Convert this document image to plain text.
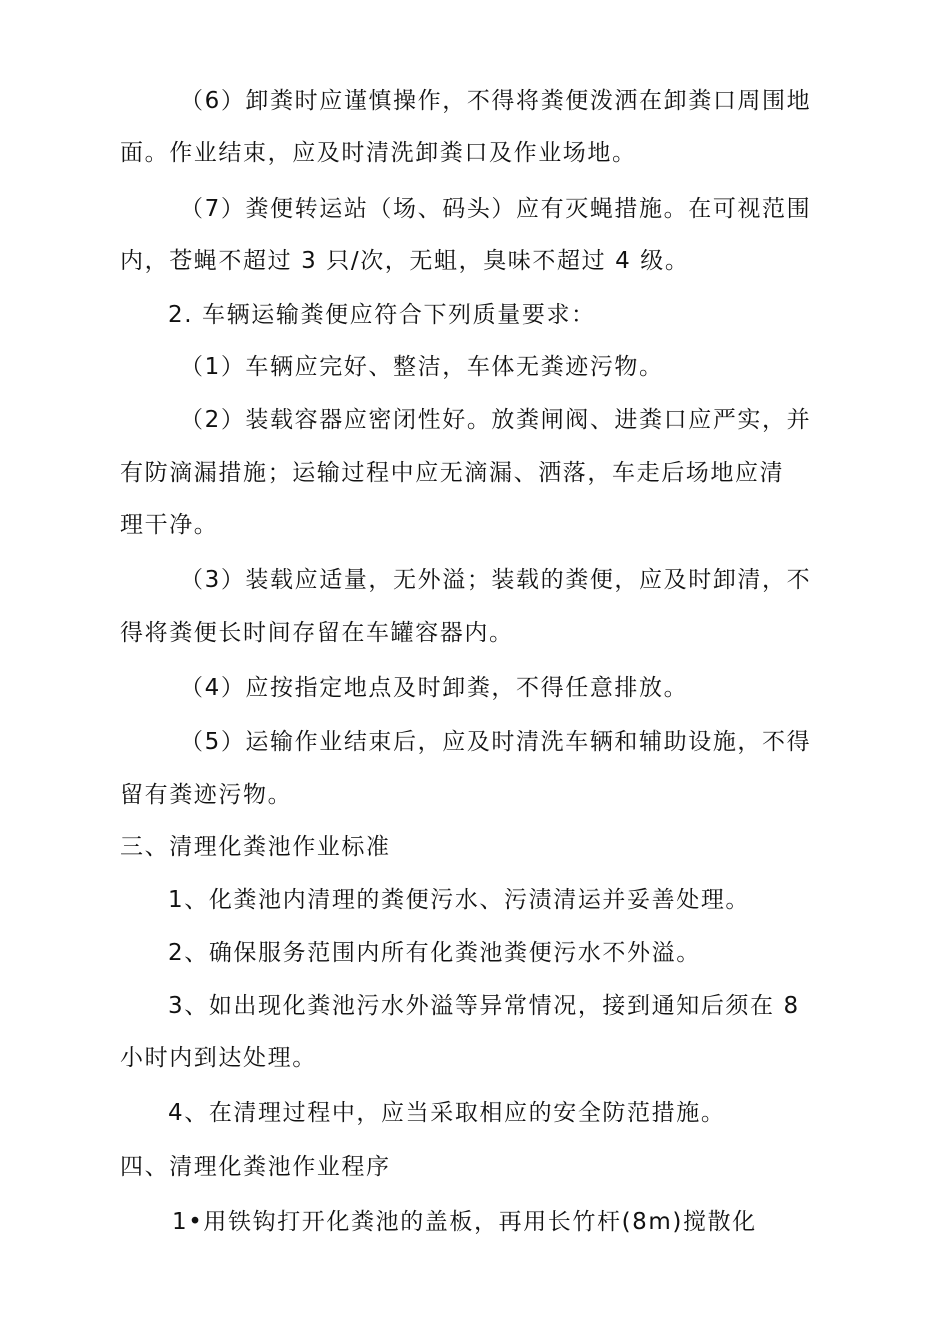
（6）卸粪时应谨慎操作，不得将粪便泼洒在卸粪口周围地
面。作业结束，应及时清洗卸粪口及作业场地。
（7）粪便转运站（场、码头）应有灭蝇措施。在可视范围
内，苍蝇不超过 3 只/次，无蛆，臭味不超过 4 级。
2. 车辆运输粪便应符合下列质量要求：
（1）车辆应完好、整洁，车体无粪迹污物。
（2）装载容器应密闭性好。放粪闸阀、进粪口应严实，并
有防滴漏措施；运输过程中应无滴漏、洒落，车走后场地应清
理干净。
（3）装载应适量，无外溢；装载的粪便，应及时卸清，不
得将粪便长时间存留在车罐容器内。
（4）应按指定地点及时卸粪，不得任意排放。
（5）运输作业结束后，应及时清洗车辆和辅助设施，不得
留有粪迹污物。
三、清理化粪池作业标准
1、化粪池内清理的粪便污水、污渍清运并妥善处理。
2、确保服务范围内所有化粪池粪便污水不外溢。
3、如出现化粪池污水外溢等异常情况，接到通知后须在 8
小时内到达处理。
4、在清理过程中，应当采取相应的安全防范措施。
四、清理化粪池作业程序
1•用铁钩打开化粪池的盖板，再用长竹杆(8m)搅散化
